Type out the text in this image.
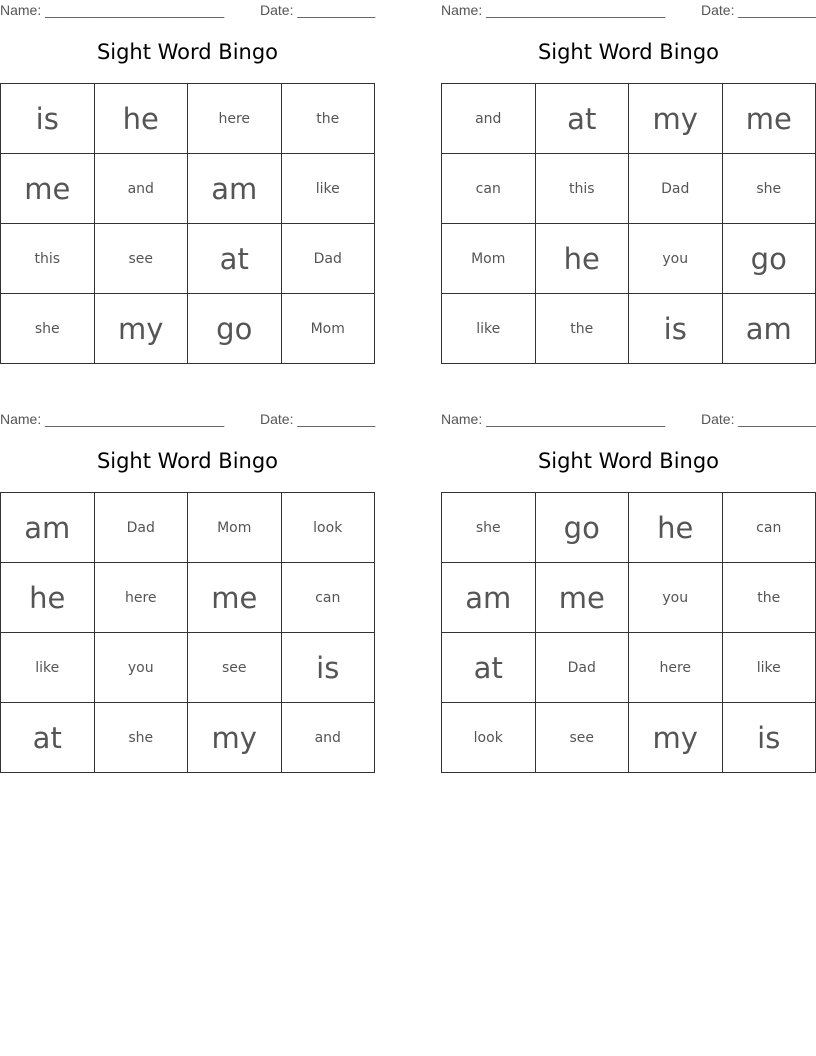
Name: _______________________	Date: __________
Sight Word Bingo
is	he	here	the
me	and	am	like
this	see	at	Dad
she	my	go	Mom
Name: _______________________	Date: __________
Sight Word Bingo
and	at	my	me
can	this	Dad	she
Mom	he	you	go
like	the	is	am
Name: _______________________	Date: __________
Sight Word Bingo
am	Dad	Mom	look
he	here	me	can
like	you	see	is
at	she	my	and
Name: _______________________	Date: __________
Sight Word Bingo
she	go	he	can
am	me	you	the
at	Dad	here	like
look	see	my	is
